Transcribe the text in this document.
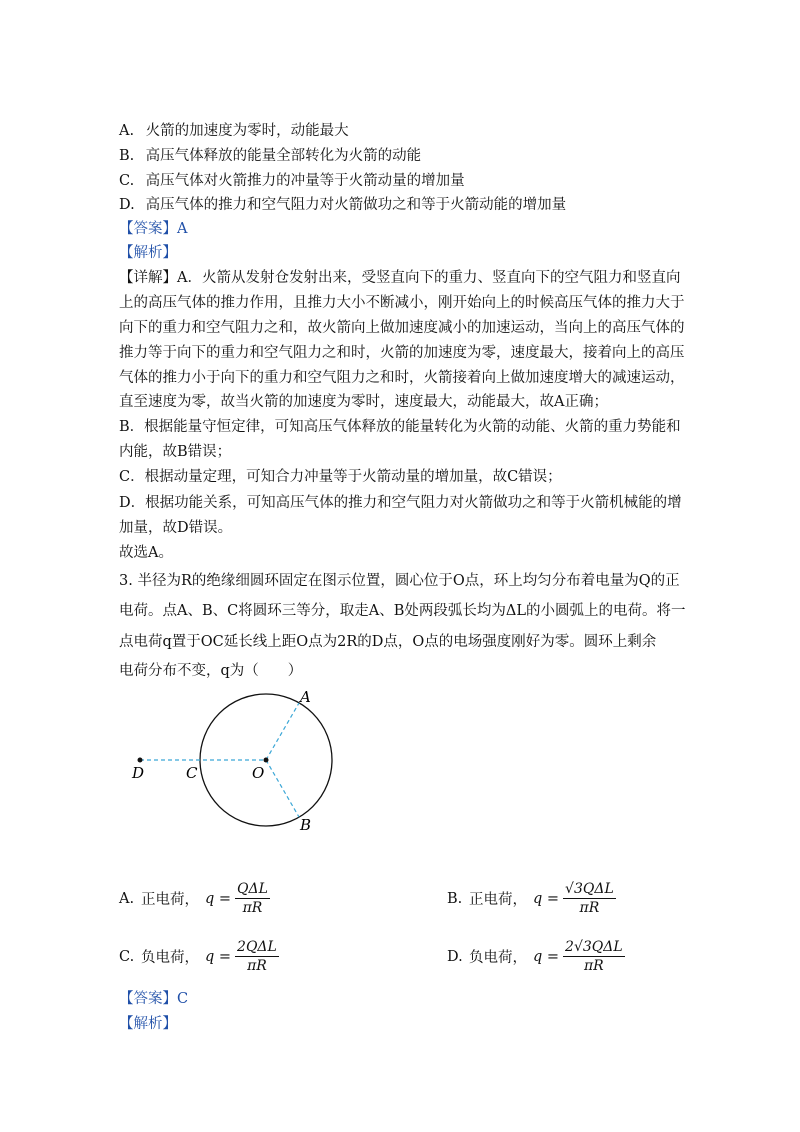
A. 火箭的加速度为零时，动能最大
B. 高压气体释放的能量全部转化为火箭的动能
C. 高压气体对火箭推力的冲量等于火箭动量的增加量
D. 高压气体的推力和空气阻力对火箭做功之和等于火箭动能的增加量
【答案】A
【解析】
【详解】A．火箭从发射仓发射出来，受竖直向下的重力、竖直向下的空气阻力和竖直向
上的高压气体的推力作用，且推力大小不断减小，刚开始向上的时候高压气体的推力大于
向下的重力和空气阻力之和，故火箭向上做加速度减小的加速运动，当向上的高压气体的
推力等于向下的重力和空气阻力之和时，火箭的加速度为零，速度最大，接着向上的高压
气体的推力小于向下的重力和空气阻力之和时，火箭接着向上做加速度增大的减速运动，
直至速度为零，故当火箭的加速度为零时，速度最大，动能最大，故A正确；
B．根据能量守恒定律，可知高压气体释放的能量转化为火箭的动能、火箭的重力势能和
内能，故B错误；
C．根据动量定理，可知合力冲量等于火箭动量的增加量，故C错误；
D．根据功能关系，可知高压气体的推力和空气阻力对火箭做功之和等于火箭机械能的增
加量，故D错误。
故选A。
3. 半径为R的绝缘细圆环固定在图示位置，圆心位于O点，环上均匀分布着电量为Q的正
电荷。点A、B、C将圆环三等分，取走A、B处两段弧长均为ΔL的小圆弧上的电荷。将一
点电荷q置于OC延长线上距O点为2R的D点，O点的电场强度刚好为零。圆环上剩余
电荷分布不变，q为（　　）
A
B
C
D	O
A. 正电荷， $q = \frac{\text{QΔL}}{\pi R}$	B. 正电荷， $q = \frac{\text{√3QΔL}}{\pi R}$
C. 负电荷， $q = \frac{\text{2QΔL}}{\pi R}$	D. 负电荷， $q = \frac{\text{2√3QΔL}}{\pi R}$
【答案】C
【解析】
